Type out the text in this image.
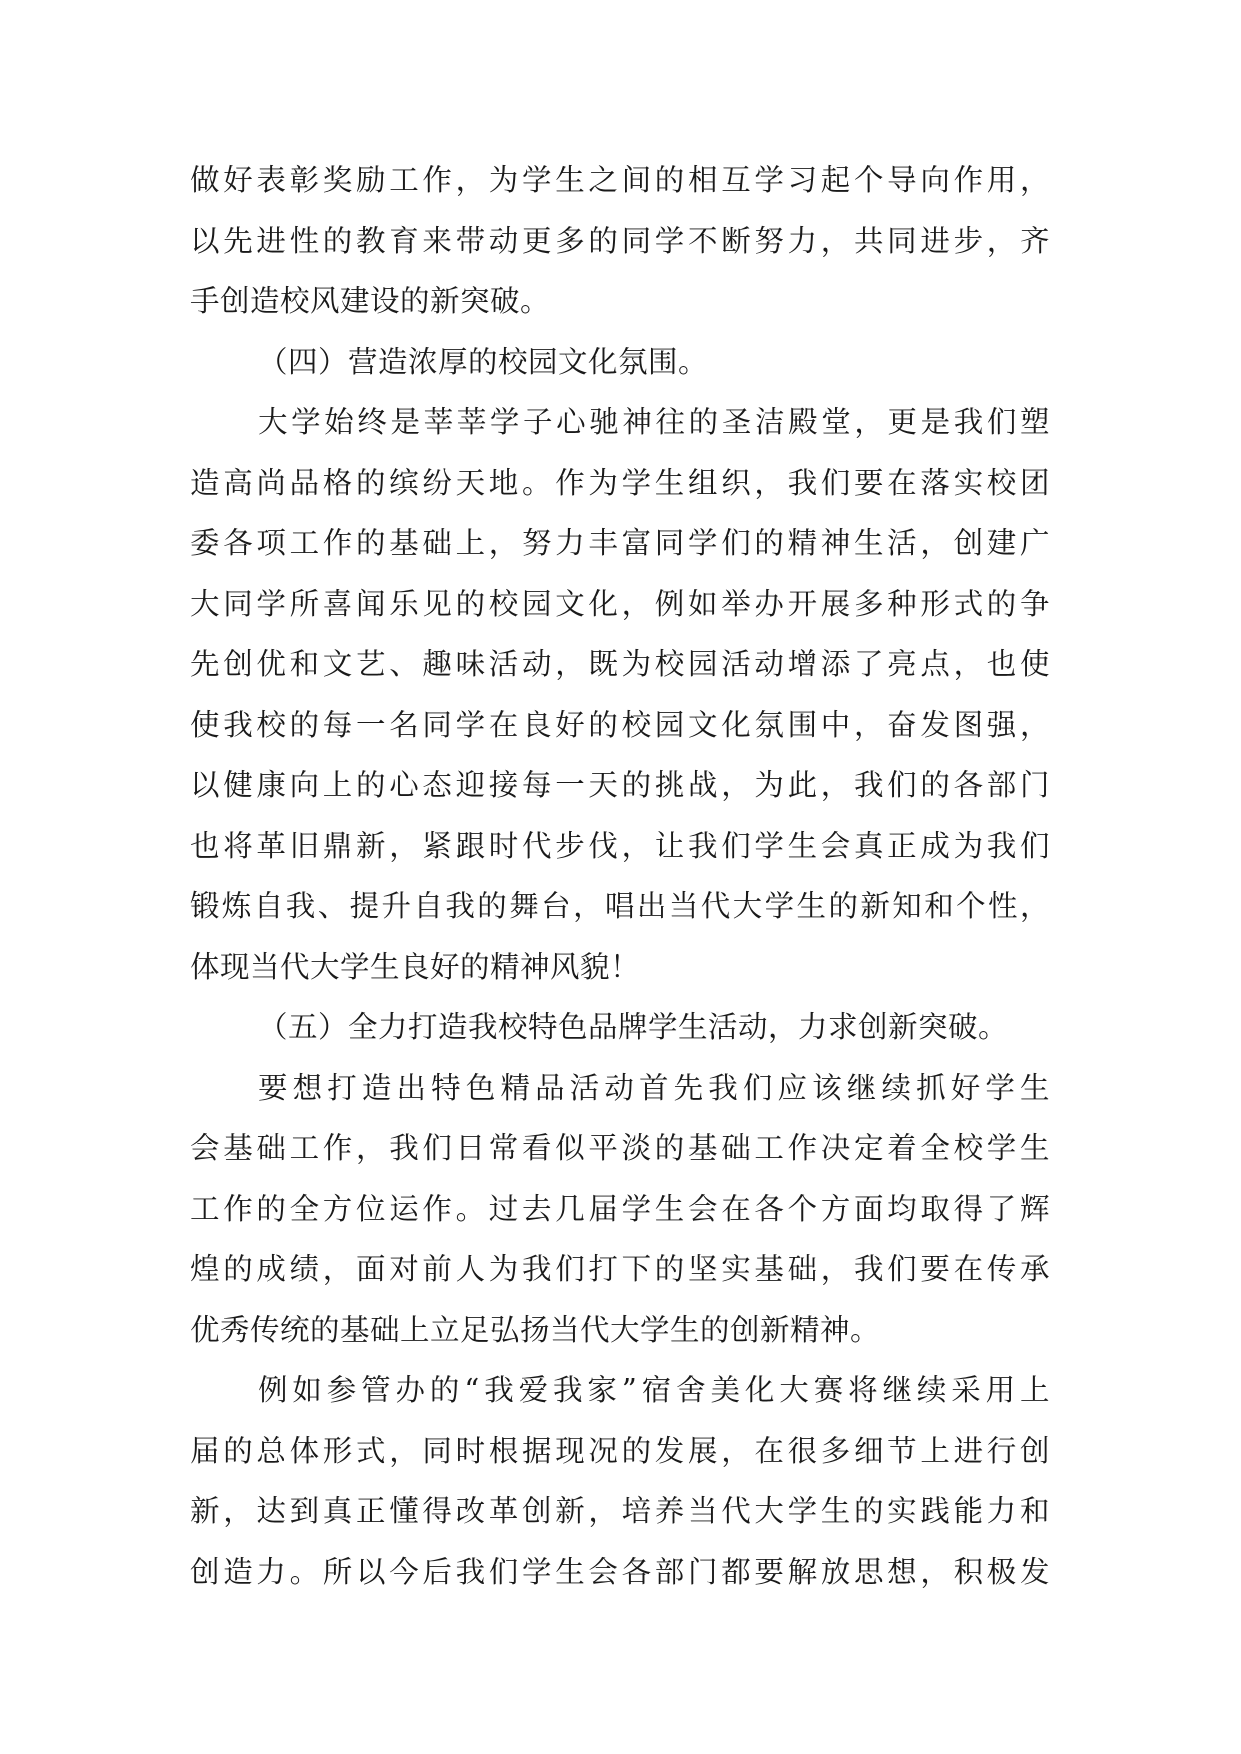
做好表彰奖励工作，为学生之间的相互学习起个导向作用，
以先进性的教育来带动更多的同学不断努力，共同进步，齐
手创造校风建设的新突破。
（四）营造浓厚的校园文化氛围。
大学始终是莘莘学子心驰神往的圣洁殿堂，更是我们塑
造高尚品格的缤纷天地。作为学生组织，我们要在落实校团
委各项工作的基础上，努力丰富同学们的精神生活，创建广
大同学所喜闻乐见的校园文化，例如举办开展多种形式的争
先创优和文艺、趣味活动，既为校园活动增添了亮点，也使
使我校的每一名同学在良好的校园文化氛围中，奋发图强，
以健康向上的心态迎接每一天的挑战，为此，我们的各部门
也将革旧鼎新，紧跟时代步伐，让我们学生会真正成为我们
锻炼自我、提升自我的舞台，唱出当代大学生的新知和个性，
体现当代大学生良好的精神风貌！
（五）全力打造我校特色品牌学生活动，力求创新突破。
要想打造出特色精品活动首先我们应该继续抓好学生
会基础工作，我们日常看似平淡的基础工作决定着全校学生
工作的全方位运作。过去几届学生会在各个方面均取得了辉
煌的成绩，面对前人为我们打下的坚实基础，我们要在传承
优秀传统的基础上立足弘扬当代大学生的创新精神。
例如参管办的“我爱我家”宿舍美化大赛将继续采用上
届的总体形式，同时根据现况的发展，在很多细节上进行创
新，达到真正懂得改革创新，培养当代大学生的实践能力和
创造力。所以今后我们学生会各部门都要解放思想，积极发
